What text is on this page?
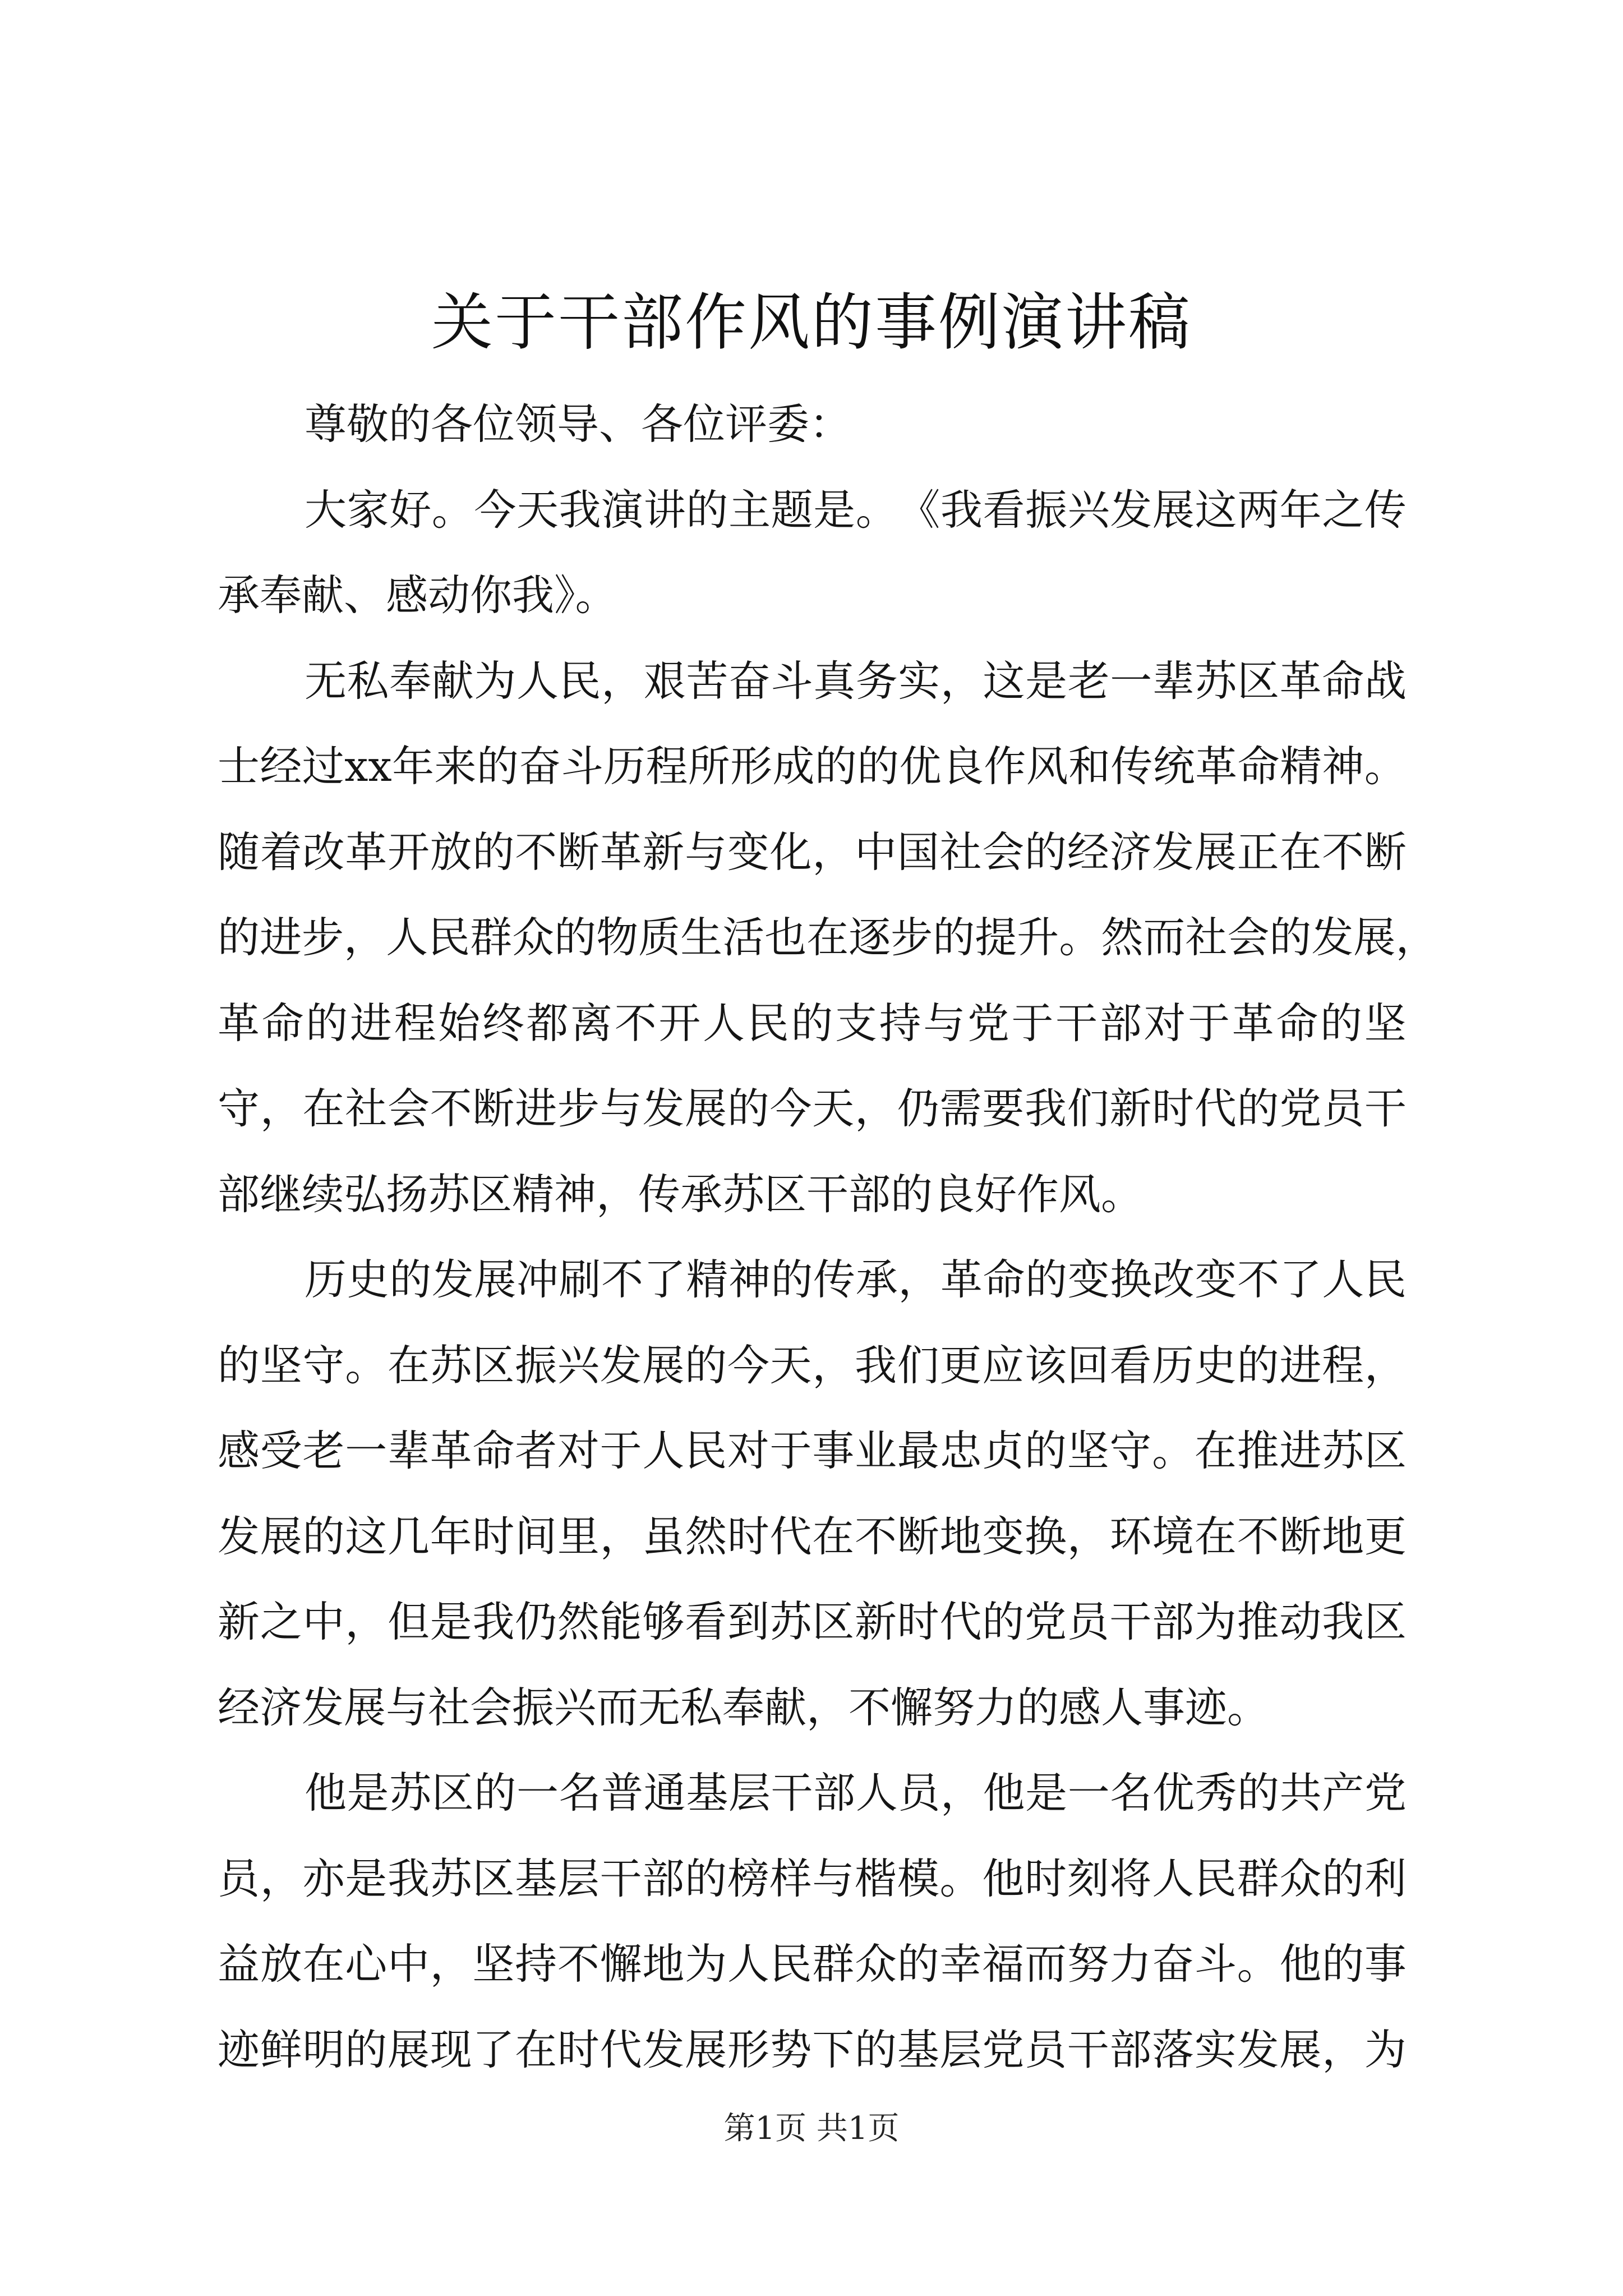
关于干部作风的事例演讲稿
尊敬的各位领导、各位评委：
大 家 好 。 今 天 我 演 讲 的 主 题 是 。 《 我 看 振 兴 发 展 这 两 年 之 传
承奉献、感动你我》。
无 私 奉 献 为 人 民 ， 艰 苦 奋 斗 真 务 实 ， 这 是 老 一 辈 苏 区 革 命 战
士 经 过 xx 年 来 的 奋 斗 历 程 所 形 成 的 的 优 良 作 风 和 传 统 革 命 精 神 。
随 着 改 革 开 放 的 不 断 革 新 与 变 化 ， 中 国 社 会 的 经 济 发 展 正 在 不 断
的 进 步 ， 人 民 群 众 的 物 质 生 活 也 在 逐 步 的 提 升 。 然 而 社 会 的 发 展 ，
革 命 的 进 程 始 终 都 离 不 开 人 民 的 支 持 与 党 于 干 部 对 于 革 命 的 坚
守 ， 在 社 会 不 断 进 步 与 发 展 的 今 天 ， 仍 需 要 我 们 新 时 代 的 党 员 干
部继续弘扬苏区精神，传承苏区干部的良好作风。
历 史 的 发 展 冲 刷 不 了 精 神 的 传 承 ， 革 命 的 变 换 改 变 不 了 人 民
的 坚 守 。 在 苏 区 振 兴 发 展 的 今 天 ， 我 们 更 应 该 回 看 历 史 的 进 程 ，
感 受 老 一 辈 革 命 者 对 于 人 民 对 于 事 业 最 忠 贞 的 坚 守 。 在 推 进 苏 区
发 展 的 这 几 年 时 间 里 ， 虽 然 时 代 在 不 断 地 变 换 ， 环 境 在 不 断 地 更
新 之 中 ， 但 是 我 仍 然 能 够 看 到 苏 区 新 时 代 的 党 员 干 部 为 推 动 我 区
经济发展与社会振兴而无私奉献，不懈努力的感人事迹。
他 是 苏 区 的 一 名 普 通 基 层 干 部 人 员 ， 他 是 一 名 优 秀 的 共 产 党
员 ， 亦 是 我 苏 区 基 层 干 部 的 榜 样 与 楷 模 。 他 时 刻 将 人 民 群 众 的 利
益 放 在 心 中 ， 坚 持 不 懈 地 为 人 民 群 众 的 幸 福 而 努 力 奋 斗 。 他 的 事
迹 鲜 明 的 展 现 了 在 时 代 发 展 形 势 下 的 基 层 党 员 干 部 落 实 发 展 ， 为
第1页 共1页
